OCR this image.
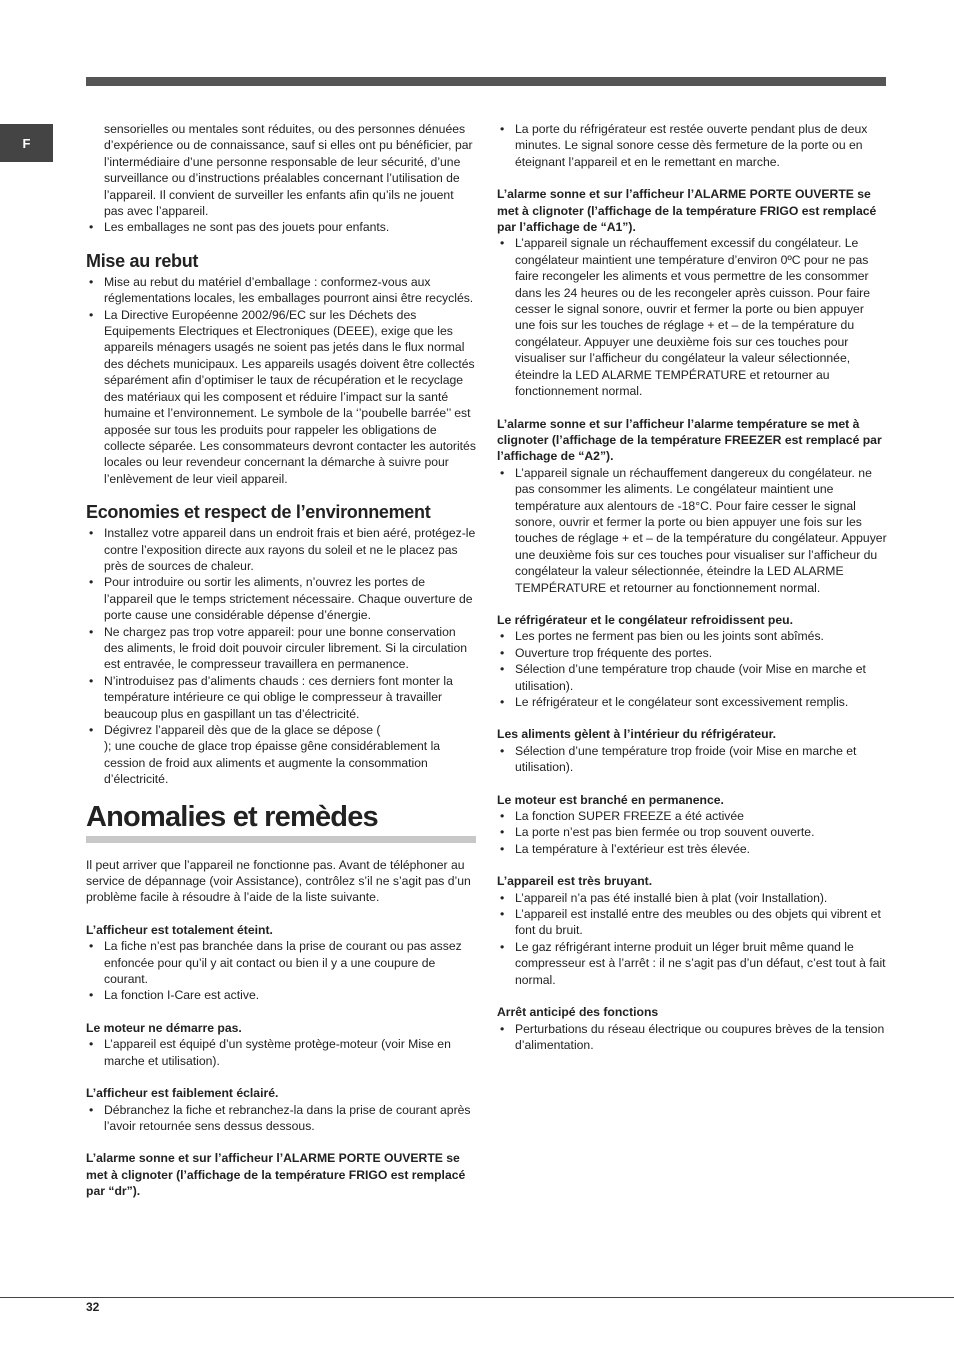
F

sensorielles ou mentales sont réduites, ou des personnes dénuées d’expérience ou de connaissance, sauf si elles ont pu bénéficier, par l’intermédiaire d’une personne responsable de leur sécurité, d’une surveillance ou d’instructions préalables concernant l’utilisation de l’appareil. Il convient de surveiller les enfants afin qu’ils ne jouent pas avec l’appareil.

• Les emballages ne sont pas des jouets pour enfants.
Mise au rebut
• Mise au rebut du matériel d’emballage : conformez-vous aux réglementations locales, les emballages pourront ainsi être recyclés.
• La Directive Européenne 2002/96/EC sur les Déchets des Equipements Electriques et Electroniques (DEEE), exige que les appareils ménagers usagés ne soient pas jetés dans le flux normal des déchets municipaux. Les appareils usagés doivent être collectés séparément afin d’optimiser le taux de récupération et le recyclage des matériaux qui les composent et réduire l’impact sur la santé humaine et l’environnement. Le symbole de la ‘’poubelle barrée’’ est apposée sur tous les produits pour rappeler les obligations de collecte séparée. Les consommateurs devront contacter les autorités locales ou leur revendeur concernant la démarche à suivre pour l’enlèvement de leur vieil appareil.
Economies et respect de l’environnement
• Installez votre appareil dans un endroit frais et bien aéré, protégez-le contre l’exposition directe aux rayons du soleil et ne le placez pas près de sources de chaleur.
• Pour introduire ou sortir les aliments, n’ouvrez les portes de l’appareil que le temps strictement nécessaire. Chaque ouverture de porte cause une considérable dépense d’énergie.
• Ne chargez pas trop votre appareil: pour une bonne conservation des aliments, le froid doit pouvoir circuler librement. Si la circulation est entravée, le compresseur travaillera en permanence.
• N’introduisez pas d’aliments chauds : ces derniers font monter la température intérieure ce qui oblige le compresseur à travailler beaucoup plus en gaspillant un tas d’électricité.
• Dégivrez l’appareil dès que de la glace se dépose (
); une couche de glace trop épaisse gêne considérablement la cession de froid aux aliments et augmente la consommation d’électricité.
Anomalies et remèdes

Il peut arriver que l’appareil ne fonctionne pas. Avant de téléphoner au service de dépannage (voir Assistance), contrôlez s’il ne s’agit pas d’un problème facile à résoudre à l’aide de la liste suivante.

L’afficheur est totalement éteint.

• La fiche n’est pas branchée dans la prise de courant ou pas assez enfoncée pour qu’il y ait contact ou bien il y a une coupure de courant.
• La fonction I-Care est active.

Le moteur ne démarre pas.

• L’appareil est équipé d’un système protège-moteur (voir Mise en marche et utilisation).

L’afficheur est faiblement éclairé.

• Débranchez la fiche et rebranchez-la dans la prise de courant après l’avoir retournée sens dessus dessous.

L’alarme sonne et sur l’afficheur l’ALARME PORTE OUVERTE se met à clignoter (l’affichage de la température FRIGO est remplacé par “dr”).

• La porte du réfrigérateur est restée ouverte pendant plus de deux minutes. Le signal sonore cesse dès fermeture de la porte ou en éteignant l’appareil et en le remettant en marche.

L’alarme sonne et sur l’afficheur l’ALARME PORTE OUVERTE se met à clignoter (l’affichage de la température FRIGO est remplacé par l’affichage de “A1”).

• L’appareil signale un réchauffement excessif du congélateur. Le congélateur maintient une température d’environ 0ºC pour ne pas faire recongeler les aliments et vous permettre de les consommer dans les 24 heures ou de les recongeler après cuisson. Pour faire cesser le signal sonore, ouvrir et fermer la porte ou bien appuyer une fois sur les touches de réglage + et – de la température du congélateur. Appuyer une deuxième fois sur ces touches pour visualiser sur l’afficheur du congélateur la valeur sélectionnée, éteindre la LED ALARME TEMPÉRATURE et retourner au fonctionnement normal.

L’alarme sonne et sur l’afficheur l’alarme température se met à clignoter (l’affichage de la température FREEZER est remplacé par l’affichage de “A2”).

• L’appareil signale un réchauffement dangereux du congélateur. ne pas consommer les aliments. Le congélateur maintient une température aux alentours de -18°C. Pour faire cesser le signal sonore, ouvrir et fermer la porte ou bien appuyer une fois sur les touches de réglage + et – de la température du congélateur. Appuyer une deuxième fois sur ces touches pour visualiser sur l’afficheur du congélateur la valeur sélectionnée, éteindre la LED ALARME TEMPÉRATURE et retourner au fonctionnement normal.

Le réfrigérateur et le congélateur refroidissent peu.

• Les portes ne ferment pas bien ou les joints sont abîmés.
• Ouverture trop fréquente des portes.
• Sélection d’une température trop chaude (voir Mise en marche et utilisation).
• Le réfrigérateur et le congélateur sont excessivement remplis.

Les aliments gèlent à l’intérieur du réfrigérateur.

• Sélection d’une température trop froide (voir Mise en marche et utilisation).

Le moteur est branché en permanence.

• La fonction SUPER FREEZE a été activée
• La porte n’est pas bien fermée ou trop souvent ouverte.
• La température à l’extérieur est très élevée.

L’appareil est très bruyant.

• L’appareil n’a pas été installé bien à plat (voir Installation).
• L’appareil est installé entre des meubles ou des objets qui vibrent et font du bruit.
• Le gaz réfrigérant interne produit un léger bruit même quand le compresseur est à l’arrêt : il ne s’agit pas d’un défaut, c’est tout à fait normal.

Arrêt anticipé des fonctions

• Perturbations du réseau électrique ou coupures brèves de la tension d’alimentation.
32
